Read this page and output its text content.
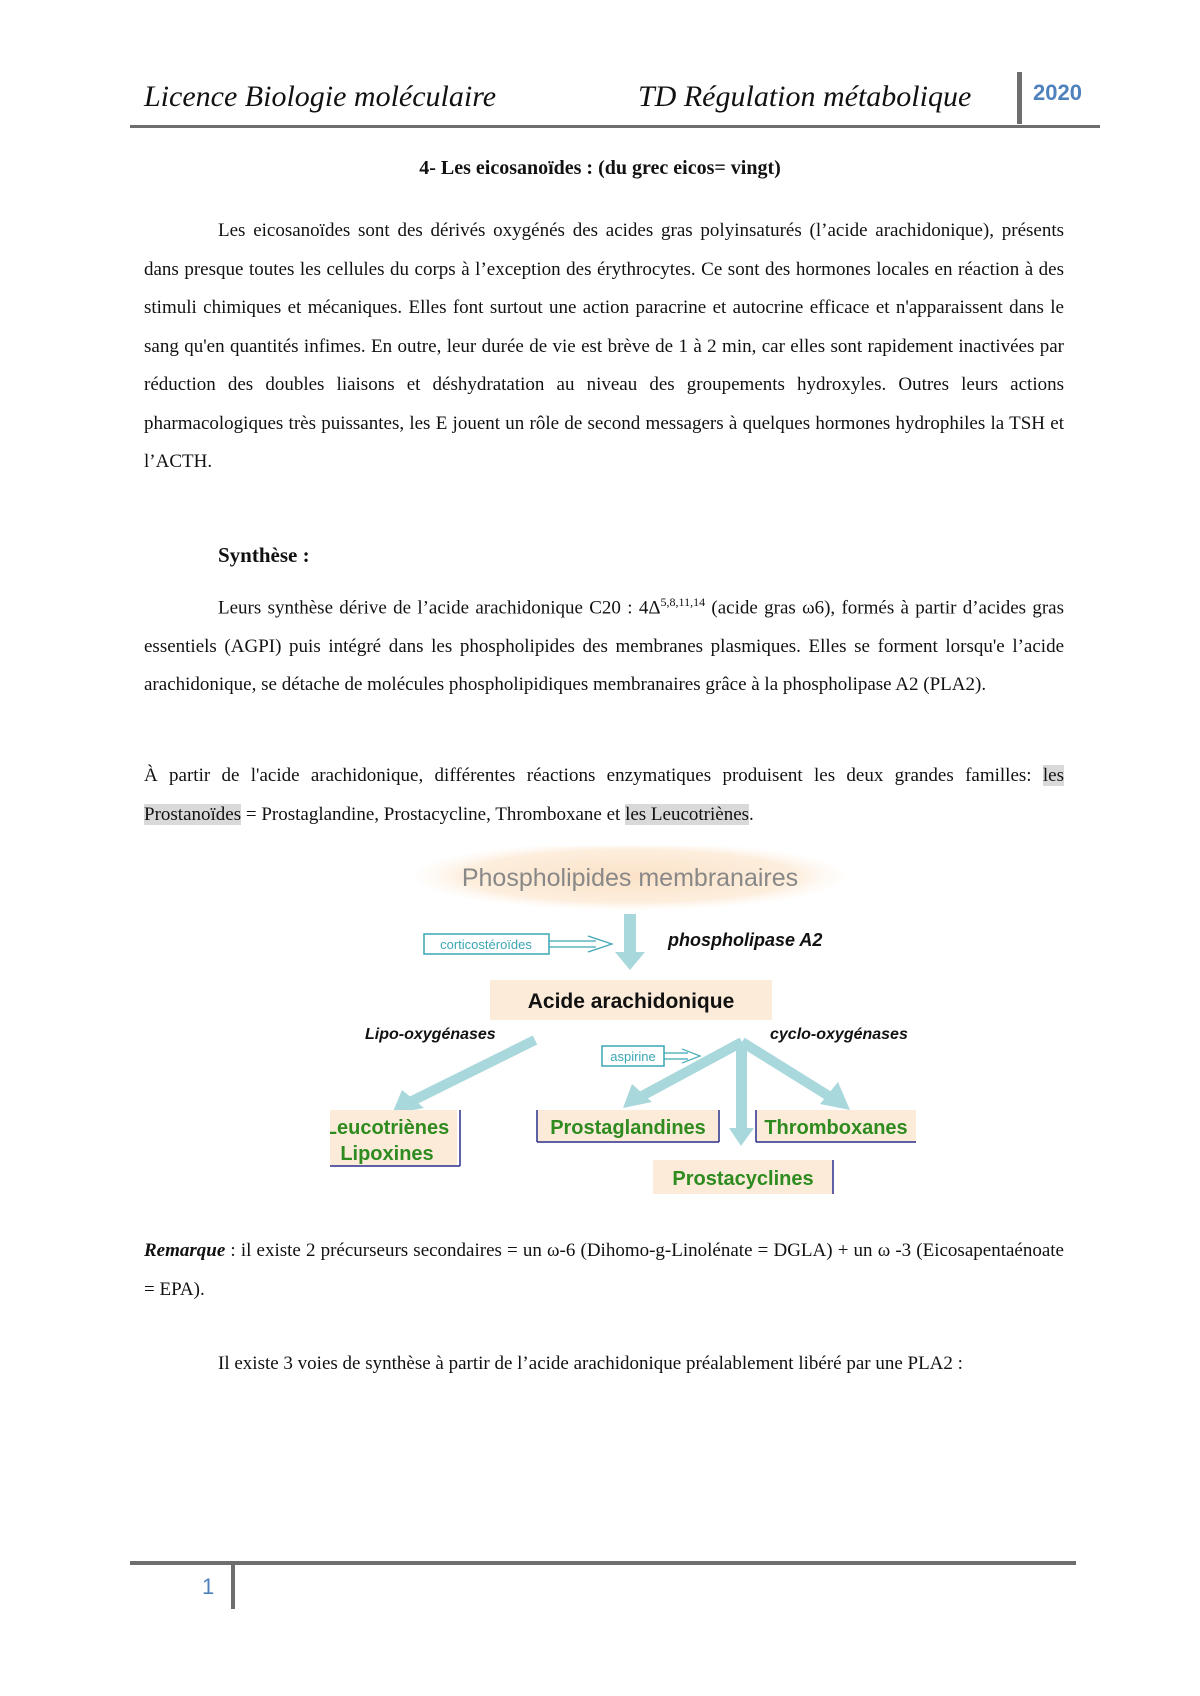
Licence Biologie moléculaire	TD Régulation métabolique	2020
4- Les eicosanoïdes : (du grec eicos= vingt)
Les eicosanoïdes sont des dérivés oxygénés des acides gras polyinsaturés (l’acide arachidonique), présents dans presque toutes les cellules du corps à l’exception des érythrocytes. Ce sont des hormones locales en réaction à des stimuli chimiques et mécaniques. Elles font surtout une action paracrine et autocrine efficace et n'apparaissent dans le sang qu'en quantités infimes. En outre, leur durée de vie est brève de 1 à 2 min, car elles sont rapidement inactivées par réduction des doubles liaisons et déshydratation au niveau des groupements hydroxyles. Outres leurs actions pharmacologiques très puissantes, les E jouent un rôle de second messagers à quelques hormones hydrophiles la TSH et l’ACTH.
Synthèse :
Leurs synthèse dérive de l’acide arachidonique C20 : $4\Delta^{5,8,11,14}$ (acide gras ω6), formés à partir d’acides gras essentiels (AGPI) puis intégré dans les phospholipides des membranes plasmiques. Elles se forment lorsqu'e l’acide arachidonique, se détache de molécules phospholipidiques membranaires grâce à la phospholipase A2 (PLA2).
À partir de l'acide arachidonique, différentes réactions enzymatiques produisent les deux grandes familles: les Prostanoïdes = Prostaglandine, Prostacycline, Thromboxane et les Leucotriènes.
Phospholipides membranaires
corticostéroïdes	phospholipase A2
Acide arachidonique
Lipo-oxygénases	cyclo-oxygénases
aspirine
Leucotriènes
Lipoxines
Prostaglandines	Thromboxanes
Prostacyclines
Remarque : il existe 2 précurseurs secondaires = un ω-6 (Dihomo-g-Linolénate = DGLA) + un ω -3 (Eicosapentaénoate = EPA).
Il existe 3 voies de synthèse à partir de l’acide arachidonique préalablement libéré par une PLA2 :
1
